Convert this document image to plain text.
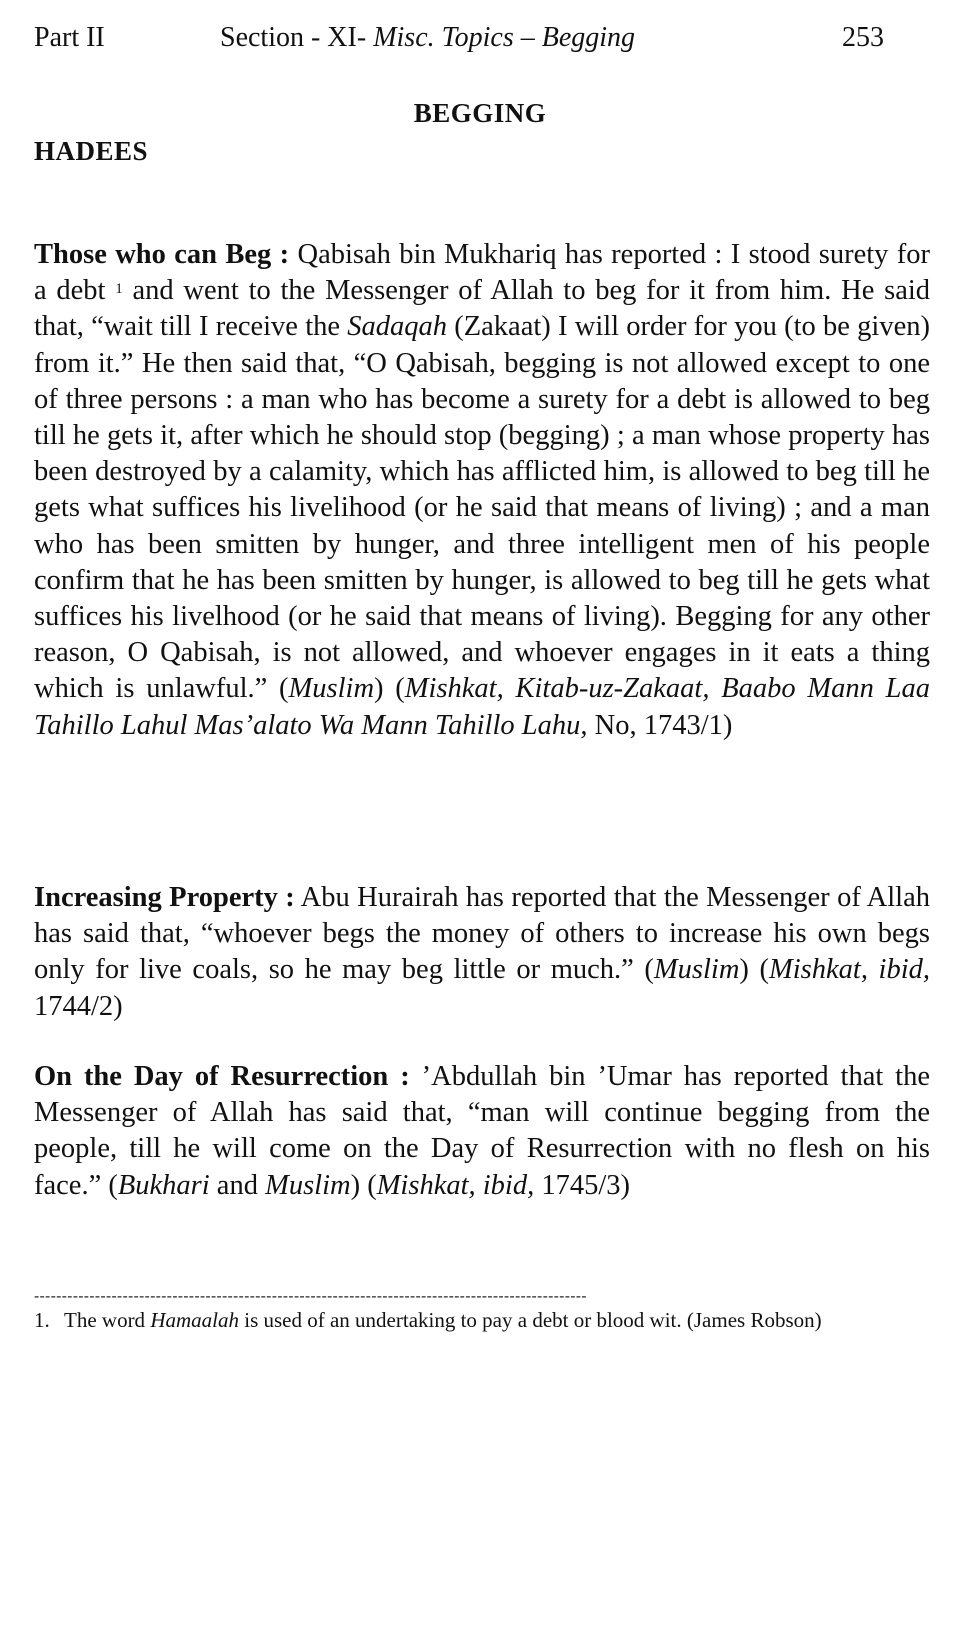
Part II	Section - XI- Misc. Topics – Begging	253
BEGGING
HADEES
Those who can Beg : Qabisah bin Mukhariq has reported : I stood surety for a debt $^1$ and went to the Messenger of Allah to beg for it from him. He said that, “wait till I receive the Sadaqah (Zakaat) I will order for you (to be given) from it.” He then said that, “O Qabisah, begging is not allowed except to one of three persons : a man who has become a surety for a debt is allowed to beg till he gets it, after which he should stop (begging) ; a man whose property has been destroyed by a calamity, which has afflicted him, is allowed to beg till he gets what suffices his livelihood (or he said that means of living) ; and a man who has been smitten by hunger, and three intelligent men of his people confirm that he has been smitten by hunger, is allowed to beg till he gets what suffices his livelhood (or he said that means of living). Begging for any other reason, O Qabisah, is not allowed, and whoever engages in it eats a thing which is unlawful.” (Muslim) (Mishkat, Kitab-uz-Zakaat, Baabo Mann Laa Tahillo Lahul Mas’alato Wa Mann Tahillo Lahu, No, 1743/1)
Increasing Property : Abu Hurairah has reported that the Messenger of Allah has said that, “whoever begs the money of others to increase his own begs only for live coals, so he may beg little or much.” (Muslim) (Mishkat, ibid, 1744/2)
On the Day of Resurrection : ’Abdullah bin ’Umar has reported that the Messenger of Allah has said that, “man will continue begging from the people, till he will come on the Day of Resurrection with no flesh on his face.” (Bukhari and Muslim) (Mishkat, ibid, 1745/3)
----------------------------------------------------------------------------------------------------
1. The word Hamaalah is used of an undertaking to pay a debt or blood wit. (James Robson)
